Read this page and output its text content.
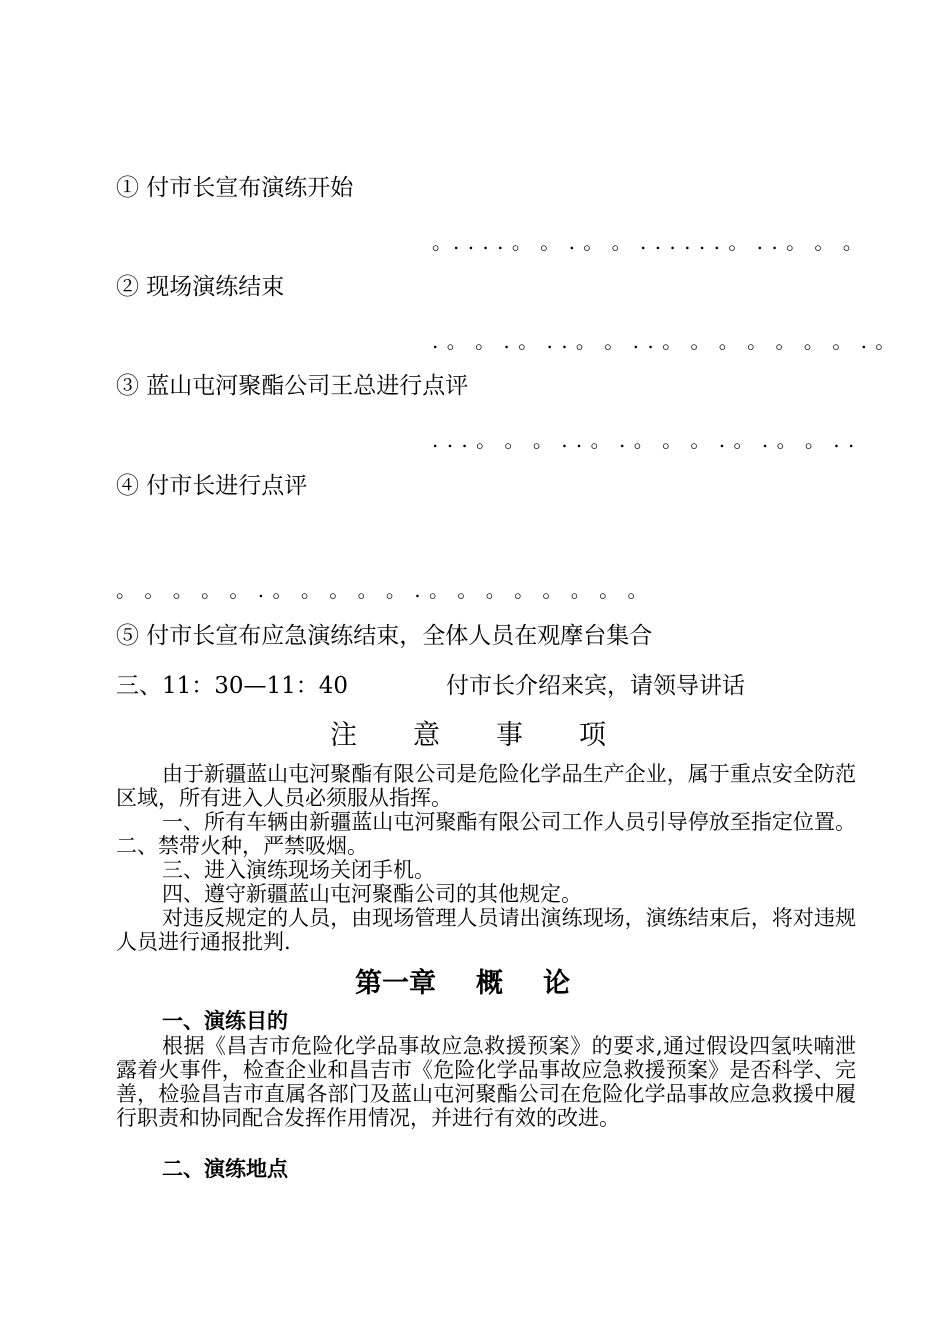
① 付市长宣布演练开始
。. . . . 。 。 . 。 。 . . . . . . 。 . . 。 。 。
② 现场演练结束
. 。 。 . 。 . . 。 。 . . 。 。 。 。 。 。 。 . 。
③ 蓝山屯河聚酯公司王总进行点评
. . . 。 。 。 . . 。 . 。 。 。 . 。 . 。 。 . .
④ 付市长进行点评
。 。 。 。 。 . 。 。 。 。 。 . 。 。 。 。 。 。 。 。
⑤ 付市长宣布应急演练结束，全体人员在观摩台集合
三、11：30—11：40	付市长介绍来宾，请领导讲话
注意事项

由于新疆蓝山屯河聚酯有限公司是危险化学品生产企业，属于重点安全防范区域，所有进入人员必须服从指挥。

一、所有车辆由新疆蓝山屯河聚酯有限公司工作人员引导停放至指定位置。二、禁带火种，严禁吸烟。

三、进入演练现场关闭手机。

四、遵守新疆蓝山屯河聚酯公司的其他规定。

对违反规定的人员，由现场管理人员请出演练现场，演练结束后，将对违规人员进行通报批判.

第一章 概 论
一、演练目的

根据《昌吉市危险化学品事故应急救援预案》的要求,通过假设四氢呋喃泄露着火事件，检查企业和昌吉市《危险化学品事故应急救援预案》是否科学、完善，检验昌吉市直属各部门及蓝山屯河聚酯公司在危险化学品事故应急救援中履行职责和协同配合发挥作用情况，并进行有效的改进。

二、演练地点
